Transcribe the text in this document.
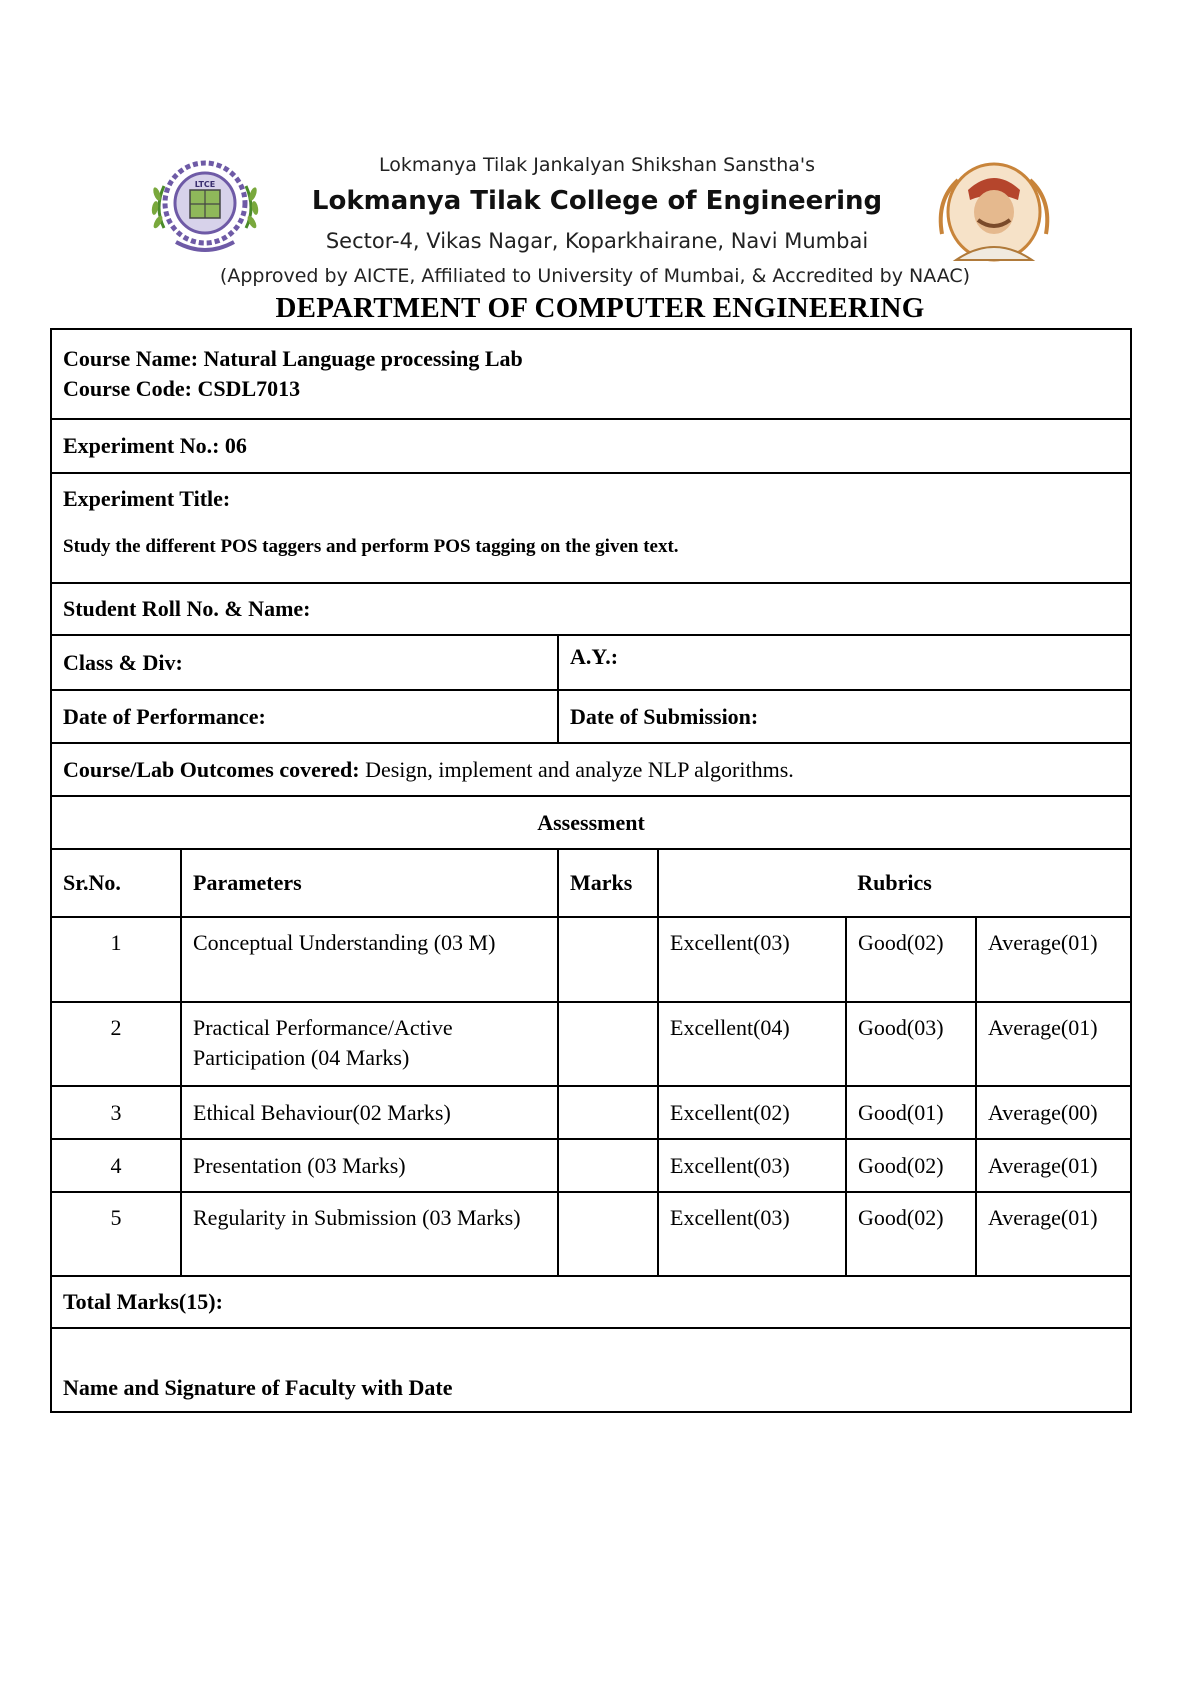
LTCE
Lokmanya Tilak Jankalyan Shikshan Sanstha's
Lokmanya Tilak College of Engineering
Sector-4, Vikas Nagar, Koparkhairane, Navi Mumbai
(Approved by AICTE, Affiliated to University of Mumbai, & Accredited by NAAC)
DEPARTMENT OF COMPUTER ENGINEERING
Course Name: Natural Language processing Lab
Course Code: CSDL7013					

Experiment No.: 06					

Experiment Title:
Study the different POS taggers and perform POS tagging on the given text.					

Student Roll No. & Name:					
Class & Div:		A.Y.:			
Date of Performance:		Date of Submission:			
Course/Lab Outcomes covered: Design, implement and analyze NLP algorithms.					
Assessment					
Sr.No.	Parameters	Marks	Rubrics		
1	Conceptual Understanding (03 M)		Excellent(03)	Good(02)	Average(01)
2	Practical Performance/Active Participation (04 Marks)		Excellent(04)	Good(03)	Average(01)
3	Ethical Behaviour(02 Marks)		Excellent(02)	Good(01)	Average(00)
4	Presentation (03 Marks)		Excellent(03)	Good(02)	Average(01)
5	Regularity in Submission (03 Marks)		Excellent(03)	Good(02)	Average(01)
Total Marks(15):					
Name and Signature of Faculty with Date					
